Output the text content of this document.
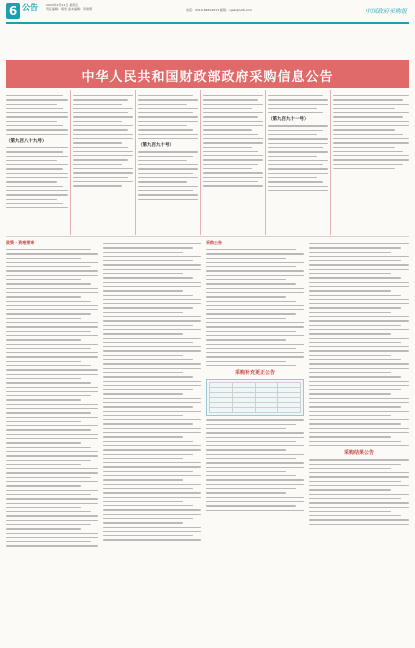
6 公告	2020年2月21日 星期五
责任编辑：胡雪 美术编辑：李建明	电话：0310-84812613 邮箱：cgsb@126.com	中国政府采购报
中华人民共和国财政部政府采购信息公告
（第九百八十九号）
（第九百九十号）
（第九百九十一号）
政策 · 资格预审	采购公告
采购补充更正公告

采购结果公告
